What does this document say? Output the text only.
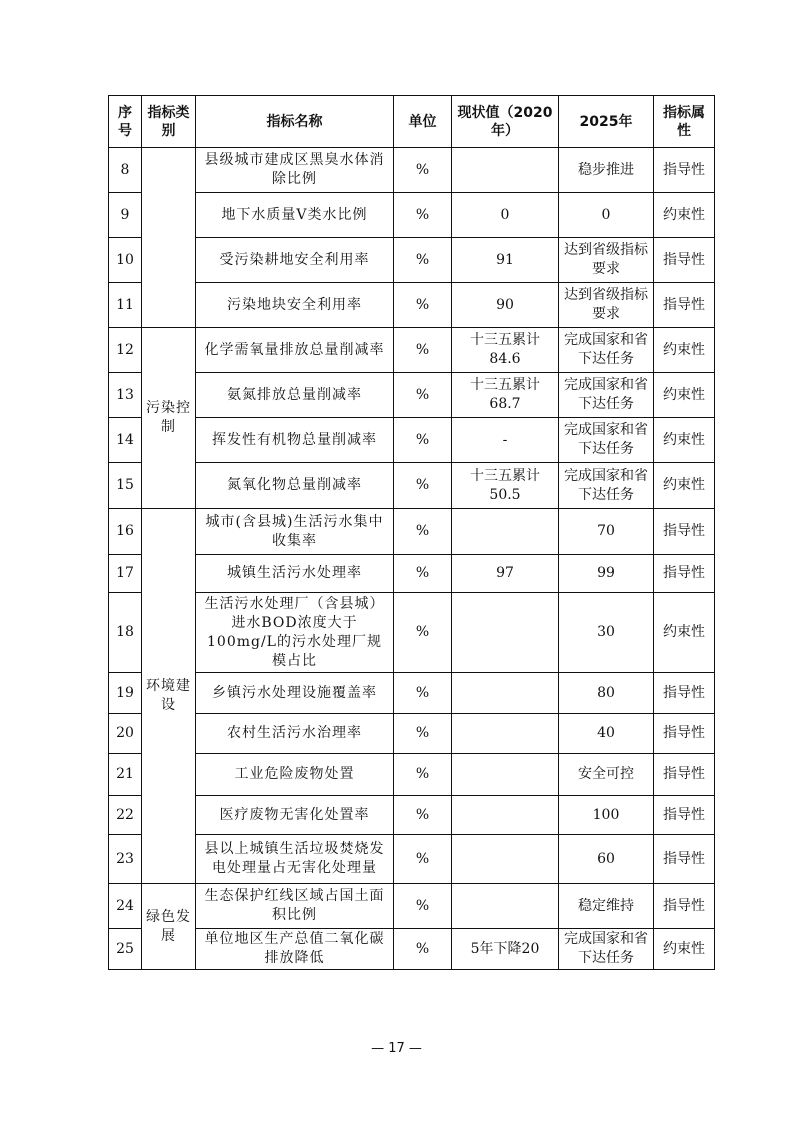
序号	指标类别	指标名称	单位	现状值（2020年）	2025年	指标属性
8		县级城市建成区黑臭水体消除比例	%		稳步推进	指导性
9		地下水质量Ⅴ类水比例	%	0	0	约束性
10		受污染耕地安全利用率	%	91	达到省级指标要求	指导性
11		污染地块安全利用率	%	90	达到省级指标要求	指导性
12	污染控制	化学需氧量排放总量削减率	%	十三五累计84.6	完成国家和省下达任务	约束性
13		氨氮排放总量削减率	%	十三五累计68.7	完成国家和省下达任务	约束性
14		挥发性有机物总量削减率	%	-	完成国家和省下达任务	约束性
15		氮氧化物总量削减率	%	十三五累计50.5	完成国家和省下达任务	约束性
16	环境建设	城市(含县城)生活污水集中收集率	%		70	指导性
17		城镇生活污水处理率	%	97	99	指导性
18		生活污水处理厂（含县城）进水BOD浓度大于100mg/L的污水处理厂规模占比	%		30	约束性
19		乡镇污水处理设施覆盖率	%		80	指导性
20		农村生活污水治理率	%		40	指导性
21		工业危险废物处置	%		安全可控	指导性
22		医疗废物无害化处置率	%		100	指导性
23		县以上城镇生活垃圾焚烧发电处理量占无害化处理量	%		60	指导性
24	绿色发展	生态保护红线区域占国土面积比例	%		稳定维持	指导性
25		单位地区生产总值二氧化碳排放降低	%	5年下降20	完成国家和省下达任务	约束性
— 17 —
